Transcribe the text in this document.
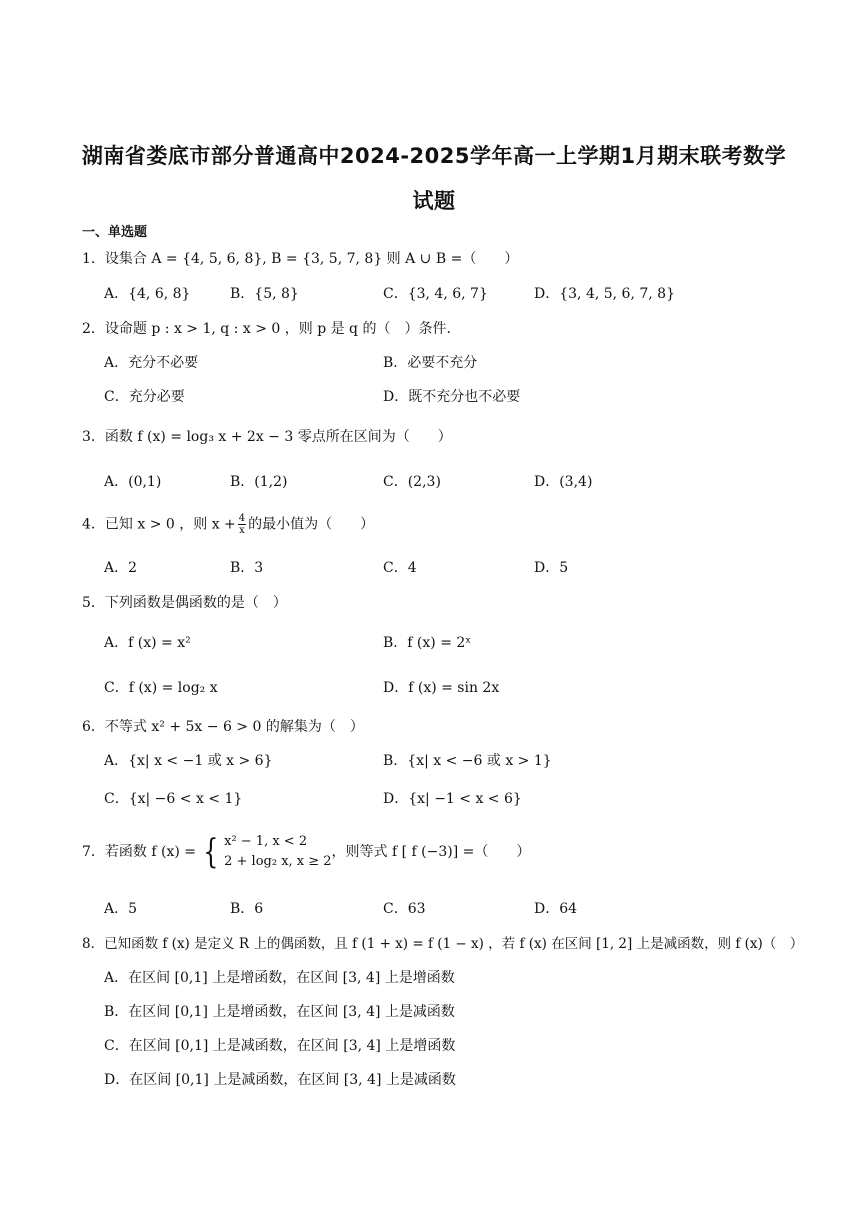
湖南省娄底市部分普通高中2024-2025学年高一上学期1月期末联考数学
试题
一、单选题
1．设集合 A = {4, 5, 6, 8}, B = {3, 5, 7, 8} 则 A ∪ B =（　　）
A．{4, 6, 8}	B．{5, 8}	C．{3, 4, 6, 7}	D．{3, 4, 5, 6, 7, 8}
2．设命题 p : x > 1, q : x > 0 ，则 p 是 q 的（　）条件．
A．充分不必要	B．必要不充分
C．充分必要	D．既不充分也不必要
3．函数 f (x) = log₃ x + 2x − 3 零点所在区间为（　　）
A．(0,1)	B．(1,2)	C．(2,3)	D．(3,4)
4．已知 x > 0 ，则 $x + \frac{4}{x}$ 的最小值为（　　）
A．2	B．3	C．4	D．5
5．下列函数是偶函数的是（　）
A．f (x) = x²	B．f (x) = 2ˣ
C．f (x) = log₂ x	D．f (x) = sin 2x
6．不等式 x² + 5x − 6 > 0 的解集为（　）
A．{x| x < −1 或 x > 6}	B．{x| x < −6 或 x > 1}
C．{x| −6 < x < 1}	D．{x| −1 < x < 6}
7．若函数 f (x) = { x² − 1, x < 2
2 + log₂ x, x ≥ 2
，则等式 f [ f (−3)] =（　　）
A．5	B．6	C．63	D．64
8．已知函数 f (x) 是定义 R 上的偶函数，且 f (1 + x) = f (1 − x) ，若 f (x) 在区间 [1, 2] 上是减函数，则 f (x)（　）
A．在区间 [0,1] 上是增函数，在区间 [3, 4] 上是增函数
B．在区间 [0,1] 上是增函数，在区间 [3, 4] 上是减函数
C．在区间 [0,1] 上是减函数，在区间 [3, 4] 上是增函数
D．在区间 [0,1] 上是减函数，在区间 [3, 4] 上是减函数
